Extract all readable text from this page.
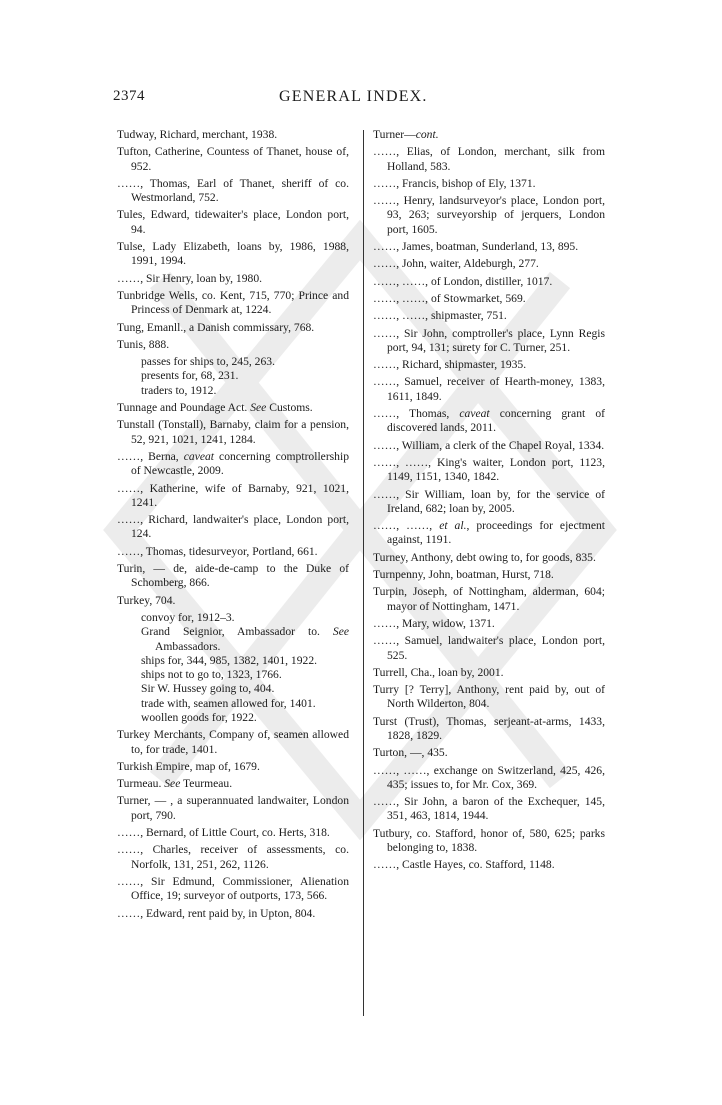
2374	GENERAL INDEX.

Tudway, Richard, merchant, 1938.

Tufton, Catherine, Countess of Thanet, house of, 952.

……, Thomas, Earl of Thanet, sheriff of co. Westmorland, 752.

Tules, Edward, tidewaiter's place, London port, 94.

Tulse, Lady Elizabeth, loans by, 1986, 1988, 1991, 1994.

……, Sir Henry, loan by, 1980.

Tunbridge Wells, co. Kent, 715, 770; Prince and Princess of Denmark at, 1224.

Tung, Emanll., a Danish commissary, 768.

Tunis, 888.

passes for ships to, 245, 263.

presents for, 68, 231.

traders to, 1912.

Tunnage and Poundage Act. See Customs.

Tunstall (Tonstall), Barnaby, claim for a pension, 52, 921, 1021, 1241, 1284.

……, Berna, caveat concerning comptrollership of Newcastle, 2009.

……, Katherine, wife of Barnaby, 921, 1021, 1241.

……, Richard, landwaiter's place, London port, 124.

……, Thomas, tidesurveyor, Portland, 661.

Turin, — de, aide-de-camp to the Duke of Schomberg, 866.

Turkey, 704.

convoy for, 1912–3.

Grand Seignior, Ambassador to. See Ambassadors.

ships for, 344, 985, 1382, 1401, 1922.

ships not to go to, 1323, 1766.

Sir W. Hussey going to, 404.

trade with, seamen allowed for, 1401.

woollen goods for, 1922.

Turkey Merchants, Company of, seamen allowed to, for trade, 1401.

Turkish Empire, map of, 1679.

Turmeau. See Teurmeau.

Turner, — , a superannuated landwaiter, London port, 790.

……, Bernard, of Little Court, co. Herts, 318.

……, Charles, receiver of assessments, co. Norfolk, 131, 251, 262, 1126.

……, Sir Edmund, Commissioner, Alienation Office, 19; surveyor of outports, 173, 566.

……, Edward, rent paid by, in Upton, 804.

Turner—cont.

……, Elias, of London, merchant, silk from Holland, 583.

……, Francis, bishop of Ely, 1371.

……, Henry, landsurveyor's place, London port, 93, 263; surveyorship of jerquers, London port, 1605.

……, James, boatman, Sunderland, 13, 895.

……, John, waiter, Aldeburgh, 277.

……, ……, of London, distiller, 1017.

……, ……, of Stowmarket, 569.

……, ……, shipmaster, 751.

……, Sir John, comptroller's place, Lynn Regis port, 94, 131; surety for C. Turner, 251.

……, Richard, shipmaster, 1935.

……, Samuel, receiver of Hearth-money, 1383, 1611, 1849.

……, Thomas, caveat concerning grant of discovered lands, 2011.

……, William, a clerk of the Chapel Royal, 1334.

……, ……, King's waiter, London port, 1123, 1149, 1151, 1340, 1842.

……, Sir William, loan by, for the service of Ireland, 682; loan by, 2005.

……, ……, et al., proceedings for ejectment against, 1191.

Turney, Anthony, debt owing to, for goods, 835.

Turnpenny, John, boatman, Hurst, 718.

Turpin, Joseph, of Nottingham, alderman, 604; mayor of Nottingham, 1471.

……, Mary, widow, 1371.

……, Samuel, landwaiter's place, London port, 525.

Turrell, Cha., loan by, 2001.

Turry [? Terry], Anthony, rent paid by, out of North Wilderton, 804.

Turst (Trust), Thomas, serjeant-at-arms, 1433, 1828, 1829.

Turton, —, 435.

……, ……, exchange on Switzerland, 425, 426, 435; issues to, for Mr. Cox, 369.

……, Sir John, a baron of the Exchequer, 145, 351, 463, 1814, 1944.

Tutbury, co. Stafford, honor of, 580, 625; parks belonging to, 1838.

……, Castle Hayes, co. Stafford, 1148.
